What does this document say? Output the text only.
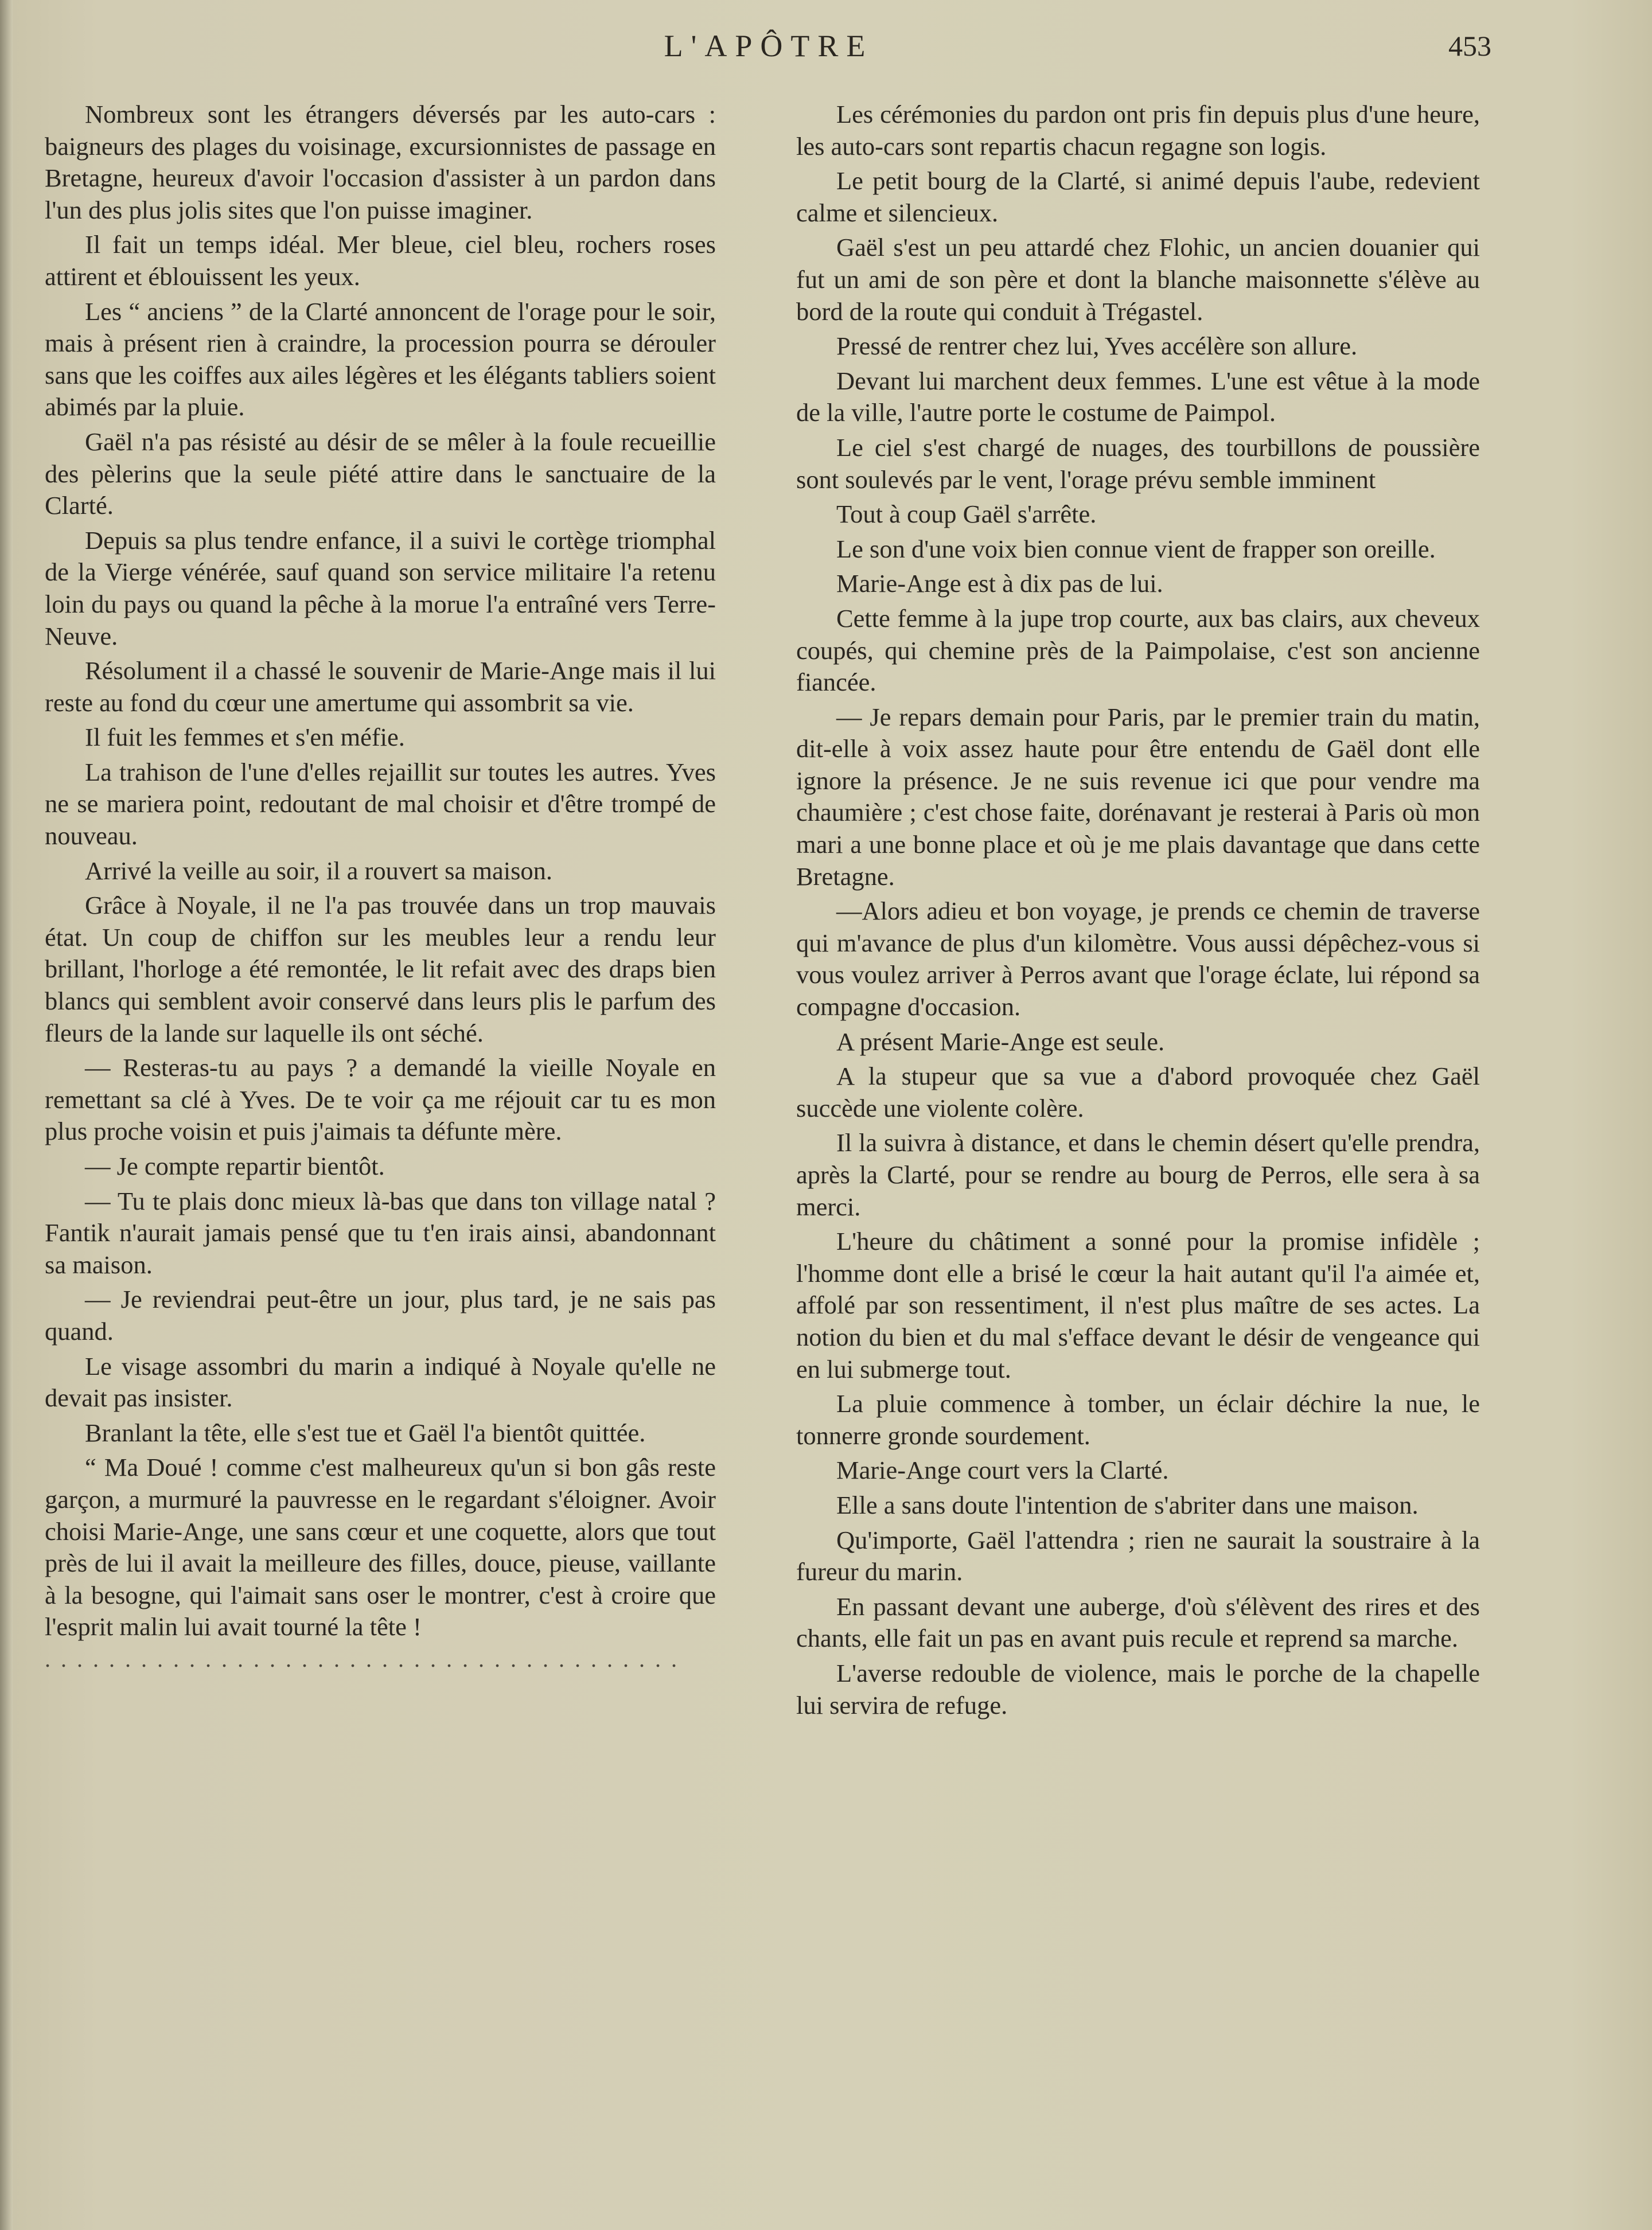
L'APÔTRE	453

Nombreux sont les étrangers déversés par les auto-cars : baigneurs des plages du voisinage, excursionnistes de passage en Bretagne, heureux d'avoir l'occasion d'assister à un pardon dans l'un des plus jolis sites que l'on puisse imaginer.

Il fait un temps idéal. Mer bleue, ciel bleu, rochers roses attirent et éblouissent les yeux.

Les “ anciens ” de la Clarté annoncent de l'orage pour le soir, mais à présent rien à craindre, la procession pourra se dérouler sans que les coiffes aux ailes légères et les élégants tabliers soient abimés par la pluie.

Gaël n'a pas résisté au désir de se mêler à la foule recueillie des pèlerins que la seule piété attire dans le sanctuaire de la Clarté.

Depuis sa plus tendre enfance, il a suivi le cortège triomphal de la Vierge vénérée, sauf quand son service militaire l'a retenu loin du pays ou quand la pêche à la morue l'a entraîné vers Terre-Neuve.

Résolument il a chassé le souvenir de Marie-Ange mais il lui reste au fond du cœur une amertume qui assombrit sa vie.

Il fuit les femmes et s'en méfie.

La trahison de l'une d'elles rejaillit sur toutes les autres. Yves ne se mariera point, redoutant de mal choisir et d'être trompé de nouveau.

Arrivé la veille au soir, il a rouvert sa maison.

Grâce à Noyale, il ne l'a pas trouvée dans un trop mauvais état. Un coup de chiffon sur les meubles leur a rendu leur brillant, l'horloge a été remontée, le lit refait avec des draps bien blancs qui semblent avoir conservé dans leurs plis le parfum des fleurs de la lande sur laquelle ils ont séché.

— Resteras-tu au pays ? a demandé la vieille Noyale en remettant sa clé à Yves. De te voir ça me réjouit car tu es mon plus proche voisin et puis j'aimais ta défunte mère.

— Je compte repartir bientôt.

— Tu te plais donc mieux là-bas que dans ton village natal ? Fantik n'aurait jamais pensé que tu t'en irais ainsi, abandonnant sa maison.

— Je reviendrai peut-être un jour, plus tard, je ne sais pas quand.

Le visage assombri du marin a indiqué à Noyale qu'elle ne devait pas insister.

Branlant la tête, elle s'est tue et Gaël l'a bientôt quittée.

“ Ma Doué ! comme c'est malheureux qu'un si bon gâs reste garçon, a murmuré la pauvresse en le regardant s'éloigner. Avoir choisi Marie-Ange, une sans cœur et une coquette, alors que tout près de lui il avait la meilleure des filles, douce, pieuse, vaillante à la besogne, qui l'aimait sans oser le montrer, c'est à croire que l'esprit malin lui avait tourné la tête !

........................................

Les cérémonies du pardon ont pris fin depuis plus d'une heure, les auto-cars sont repartis chacun regagne son logis.

Le petit bourg de la Clarté, si animé depuis l'aube, redevient calme et silencieux.

Gaël s'est un peu attardé chez Flohic, un ancien douanier qui fut un ami de son père et dont la blanche maisonnette s'élève au bord de la route qui conduit à Trégastel.

Pressé de rentrer chez lui, Yves accélère son allure.

Devant lui marchent deux femmes. L'une est vêtue à la mode de la ville, l'autre porte le costume de Paimpol.

Le ciel s'est chargé de nuages, des tourbillons de poussière sont soulevés par le vent, l'orage prévu semble imminent

Tout à coup Gaël s'arrête.

Le son d'une voix bien connue vient de frapper son oreille.

Marie-Ange est à dix pas de lui.

Cette femme à la jupe trop courte, aux bas clairs, aux cheveux coupés, qui chemine près de la Paimpolaise, c'est son ancienne fiancée.

— Je repars demain pour Paris, par le premier train du matin, dit-elle à voix assez haute pour être entendu de Gaël dont elle ignore la présence. Je ne suis revenue ici que pour vendre ma chaumière ; c'est chose faite, dorénavant je resterai à Paris où mon mari a une bonne place et où je me plais davantage que dans cette Bretagne.

—Alors adieu et bon voyage, je prends ce chemin de traverse qui m'avance de plus d'un kilomètre. Vous aussi dépêchez-vous si vous voulez arriver à Perros avant que l'orage éclate, lui répond sa compagne d'occasion.

A présent Marie-Ange est seule.

A la stupeur que sa vue a d'abord provoquée chez Gaël succède une violente colère.

Il la suivra à distance, et dans le chemin désert qu'elle prendra, après la Clarté, pour se rendre au bourg de Perros, elle sera à sa merci.

L'heure du châtiment a sonné pour la promise infidèle ; l'homme dont elle a brisé le cœur la hait autant qu'il l'a aimée et, affolé par son ressentiment, il n'est plus maître de ses actes. La notion du bien et du mal s'efface devant le désir de vengeance qui en lui submerge tout.

La pluie commence à tomber, un éclair déchire la nue, le tonnerre gronde sourdement.

Marie-Ange court vers la Clarté.

Elle a sans doute l'intention de s'abriter dans une maison.

Qu'importe, Gaël l'attendra ; rien ne saurait la soustraire à la fureur du marin.

En passant devant une auberge, d'où s'élèvent des rires et des chants, elle fait un pas en avant puis recule et reprend sa marche.

L'averse redouble de violence, mais le porche de la chapelle lui servira de refuge.
